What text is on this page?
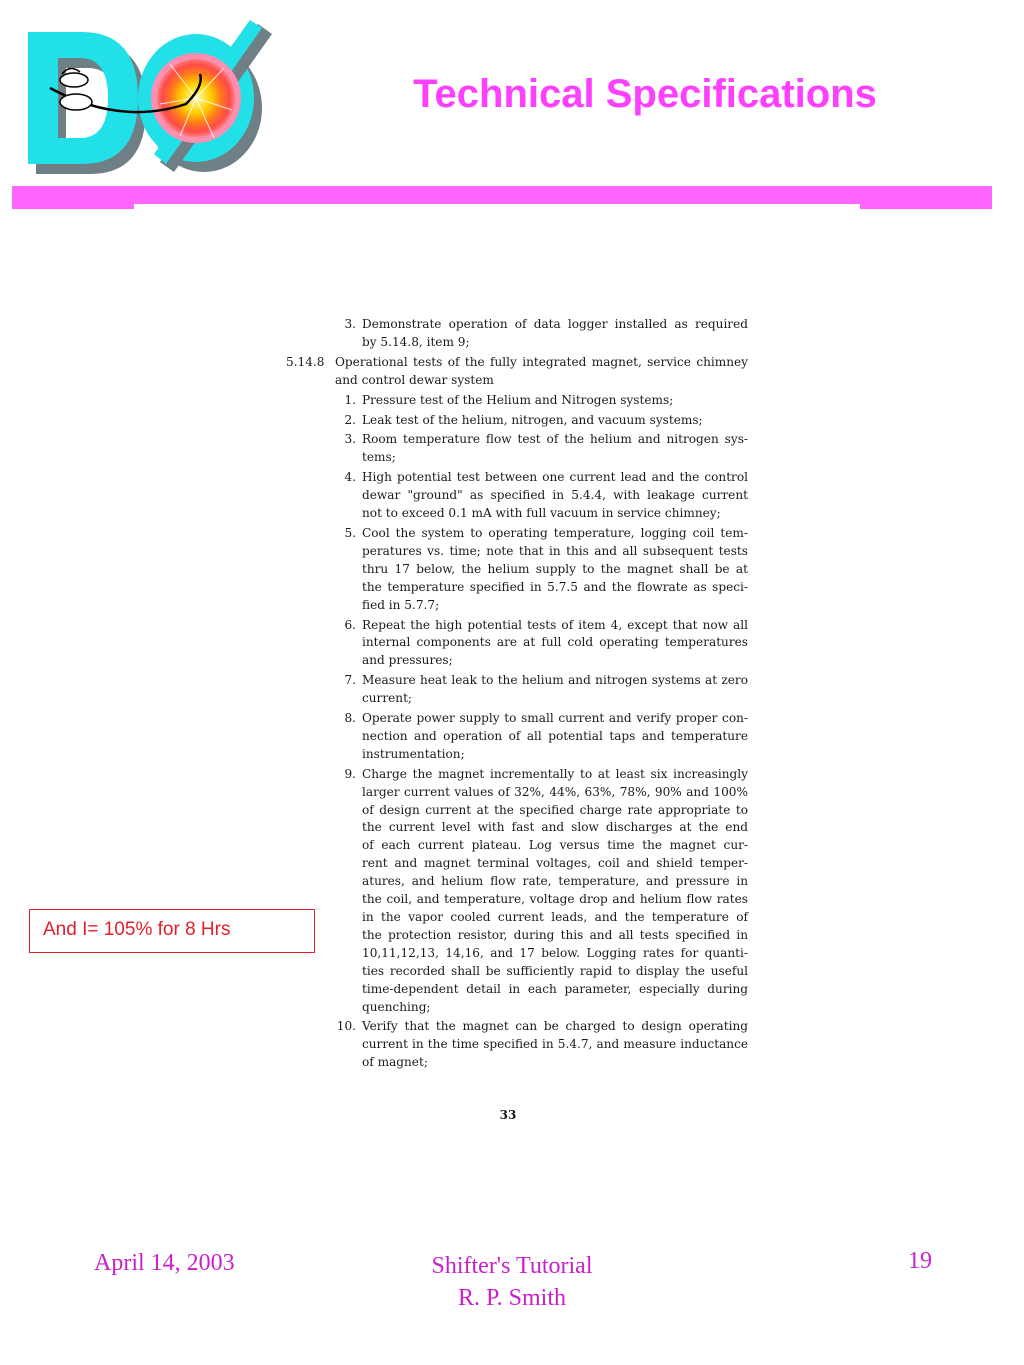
Technical Specifications
3. Demonstrate operation of data logger installed as required
by 5.14.8, item 9;
5.14.8 Operational tests of the fully integrated magnet, service chimney
and control dewar system
1. Pressure test of the Helium and Nitrogen systems;
2. Leak test of the helium, nitrogen, and vacuum systems;
3. Room temperature flow test of the helium and nitrogen sys-
tems;
4. High potential test between one current lead and the control
dewar "ground" as specified in 5.4.4, with leakage current
not to exceed 0.1 mA with full vacuum in service chimney;
5. Cool the system to operating temperature, logging coil tem-
peratures vs. time; note that in this and all subsequent tests
thru 17 below, the helium supply to the magnet shall be at
the temperature specified in 5.7.5 and the flowrate as speci-
fied in 5.7.7;
6. Repeat the high potential tests of item 4, except that now all
internal components are at full cold operating temperatures
and pressures;
7. Measure heat leak to the helium and nitrogen systems at zero
current;
8. Operate power supply to small current and verify proper con-
nection and operation of all potential taps and temperature
instrumentation;
9. Charge the magnet incrementally to at least six increasingly
larger current values of 32%, 44%, 63%, 78%, 90% and 100%
of design current at the specified charge rate appropriate to
the current level with fast and slow discharges at the end
of each current plateau. Log versus time the magnet cur-
rent and magnet terminal voltages, coil and shield temper-
atures, and helium flow rate, temperature, and pressure in
the coil, and temperature, voltage drop and helium flow rates
in the vapor cooled current leads, and the temperature of
the protection resistor, during this and all tests specified in
10,11,12,13, 14,16, and 17 below. Logging rates for quanti-
ties recorded shall be sufficiently rapid to display the useful
time-dependent detail in each parameter, especially during
quenching;
10. Verify that the magnet can be charged to design operating
current in the time specified in 5.4.7, and measure inductance
of magnet;
33
And I= 105% for 8 Hrs
April 14, 2003	Shifter's Tutorial
R. P. Smith
19
